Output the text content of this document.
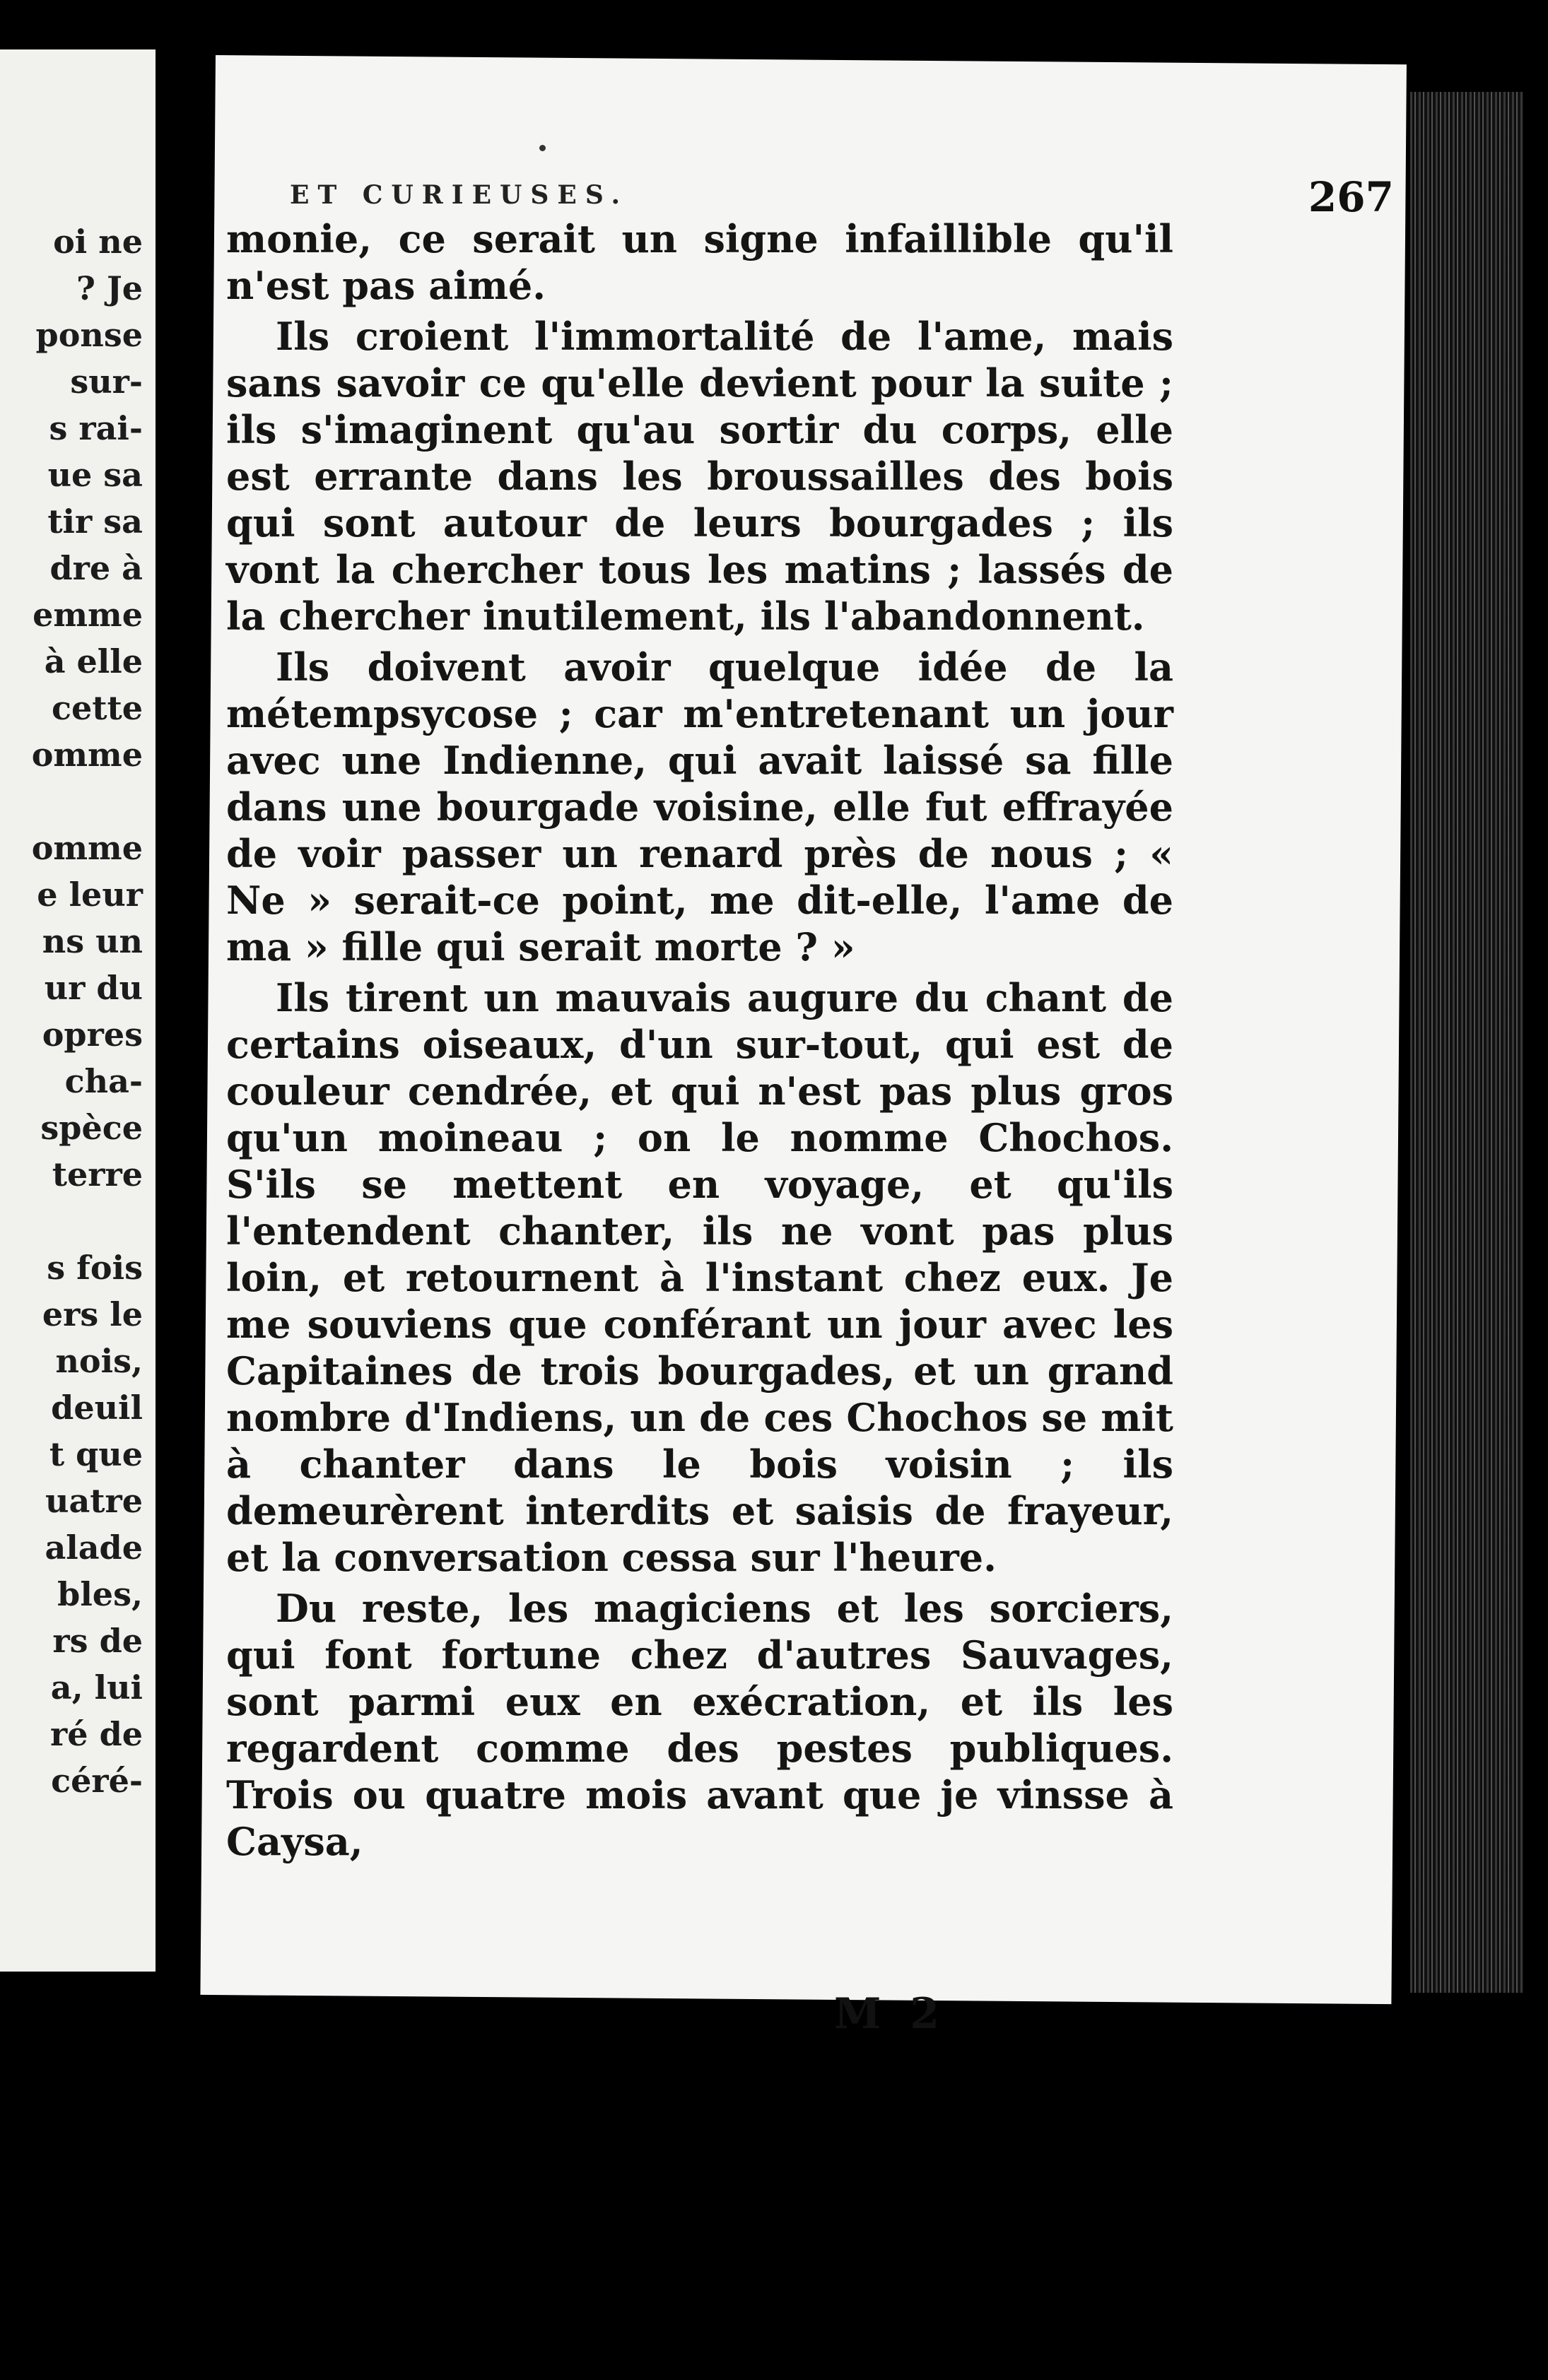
oi ne
? Je
ponse
sur-
s rai-
ue sa
tir sa
dre à
emme
à elle
cette
omme
omme
e leur
ns un
ur du
opres
cha-
spèce
terre
s fois
ers le
nois,
deuil
t que
uatre
alade
bles,
rs de
a, lui
ré de
céré-
ET CURIEUSES.	267

monie, ce serait un signe infaillible qu'il n'est pas aimé.

Ils croient l'immortalité de l'ame, mais sans savoir ce qu'elle devient pour la suite ; ils s'imaginent qu'au sortir du corps, elle est errante dans les broussailles des bois qui sont autour de leurs bourgades ; ils vont la chercher tous les matins ; lassés de la chercher inutilement, ils l'abandonnent.

Ils doivent avoir quelque idée de la métempsycose ; car m'entretenant un jour avec une Indienne, qui avait laissé sa fille dans une bourgade voisine, elle fut effrayée de voir passer un renard près de nous ; « Ne » serait-ce point, me dit-elle, l'ame de ma » fille qui serait morte ? »

Ils tirent un mauvais augure du chant de certains oiseaux, d'un sur-tout, qui est de couleur cendrée, et qui n'est pas plus gros qu'un moineau ; on le nomme Chochos. S'ils se mettent en voyage, et qu'ils l'entendent chanter, ils ne vont pas plus loin, et retournent à l'instant chez eux. Je me souviens que conférant un jour avec les Capitaines de trois bourgades, et un grand nombre d'Indiens, un de ces Chochos se mit à chanter dans le bois voisin ; ils demeurèrent interdits et saisis de frayeur, et la conversation cessa sur l'heure.

Du reste, les magiciens et les sorciers, qui font fortune chez d'autres Sauvages, sont parmi eux en exécration, et ils les regardent comme des pestes publiques. Trois ou quatre mois avant que je vinsse à Caysa,

M 2
